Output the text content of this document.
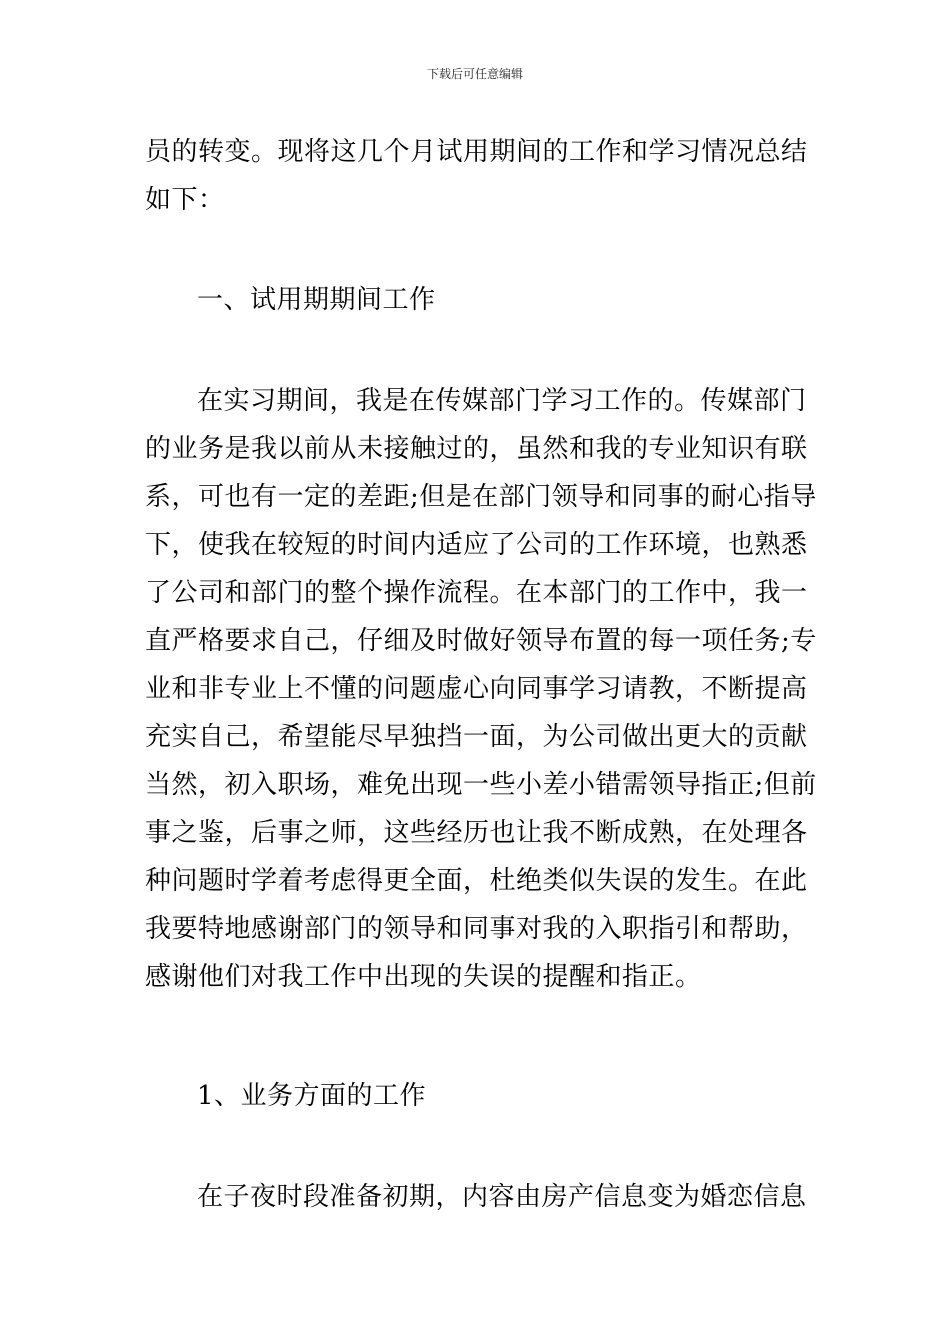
下载后可任意编辑

员的转变。现将这几个月试用期间的工作和学习情况总结

如下：

一、试用期期间工作

在实习期间，我是在传媒部门学习工作的。传媒部门

的业务是我以前从未接触过的，虽然和我的专业知识有联

系，可也有一定的差距;但是在部门领导和同事的耐心指导

下，使我在较短的时间内适应了公司的工作环境，也熟悉

了公司和部门的整个操作流程。在本部门的工作中，我一

直严格要求自己，仔细及时做好领导布置的每一项任务;专

业和非专业上不懂的问题虚心向同事学习请教，不断提高

充实自己，希望能尽早独挡一面，为公司做出更大的贡献

当然，初入职场，难免出现一些小差小错需领导指正;但前

事之鉴，后事之师，这些经历也让我不断成熟，在处理各

种问题时学着考虑得更全面，杜绝类似失误的发生。在此

我要特地感谢部门的领导和同事对我的入职指引和帮助，

感谢他们对我工作中出现的失误的提醒和指正。

1、业务方面的工作

在子夜时段准备初期，内容由房产信息变为婚恋信息
